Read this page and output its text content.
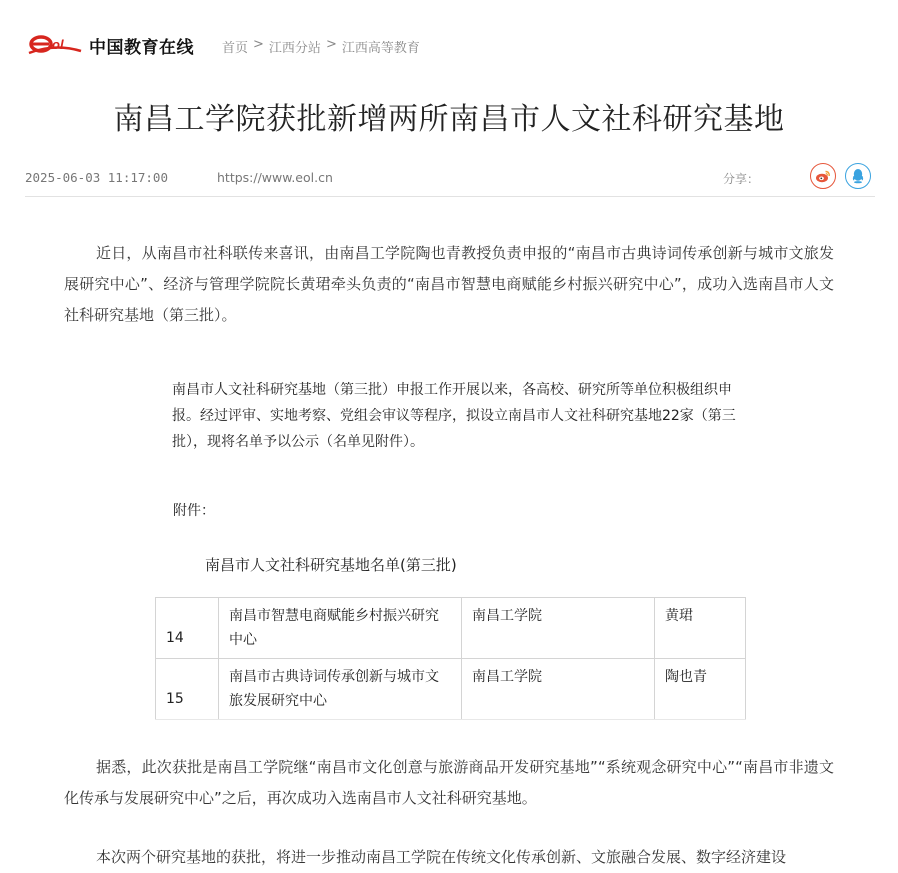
ol 中国教育在线 首页 > 江西分站 > 江西高等教育
南昌工学院获批新增两所南昌市人文社科研究基地
2025-06-03 11:17:00	https://www.eol.cn	分享：

近日，从南昌市社科联传来喜讯，由南昌工学院陶也青教授负责申报的“南昌市古典诗词传承创新与城市文旅发展研究中心”、经济与管理学院院长黄珺牵头负责的“南昌市智慧电商赋能乡村振兴研究中心”，成功入选南昌市人文社科研究基地（第三批）。

南昌市人文社科研究基地（第三批）申报工作开展以来，各高校、研究所等单位积极组织申报。经过评审、实地考察、党组会审议等程序，拟设立南昌市人文社科研究基地22家（第三批），现将名单予以公示（名单见附件）。

附件：
南昌市人文社科研究基地名单(第三批)
14	南昌市智慧电商赋能乡村振兴研究中心	南昌工学院	黄珺
15	南昌市古典诗词传承创新与城市文旅发展研究中心	南昌工学院	陶也青

据悉，此次获批是南昌工学院继“南昌市文化创意与旅游商品开发研究基地”“系统观念研究中心”“南昌市非遗文化传承与发展研究中心”之后，再次成功入选南昌市人文社科研究基地。

本次两个研究基地的获批，将进一步推动南昌工学院在传统文化传承创新、文旅融合发展、数字经济建设
